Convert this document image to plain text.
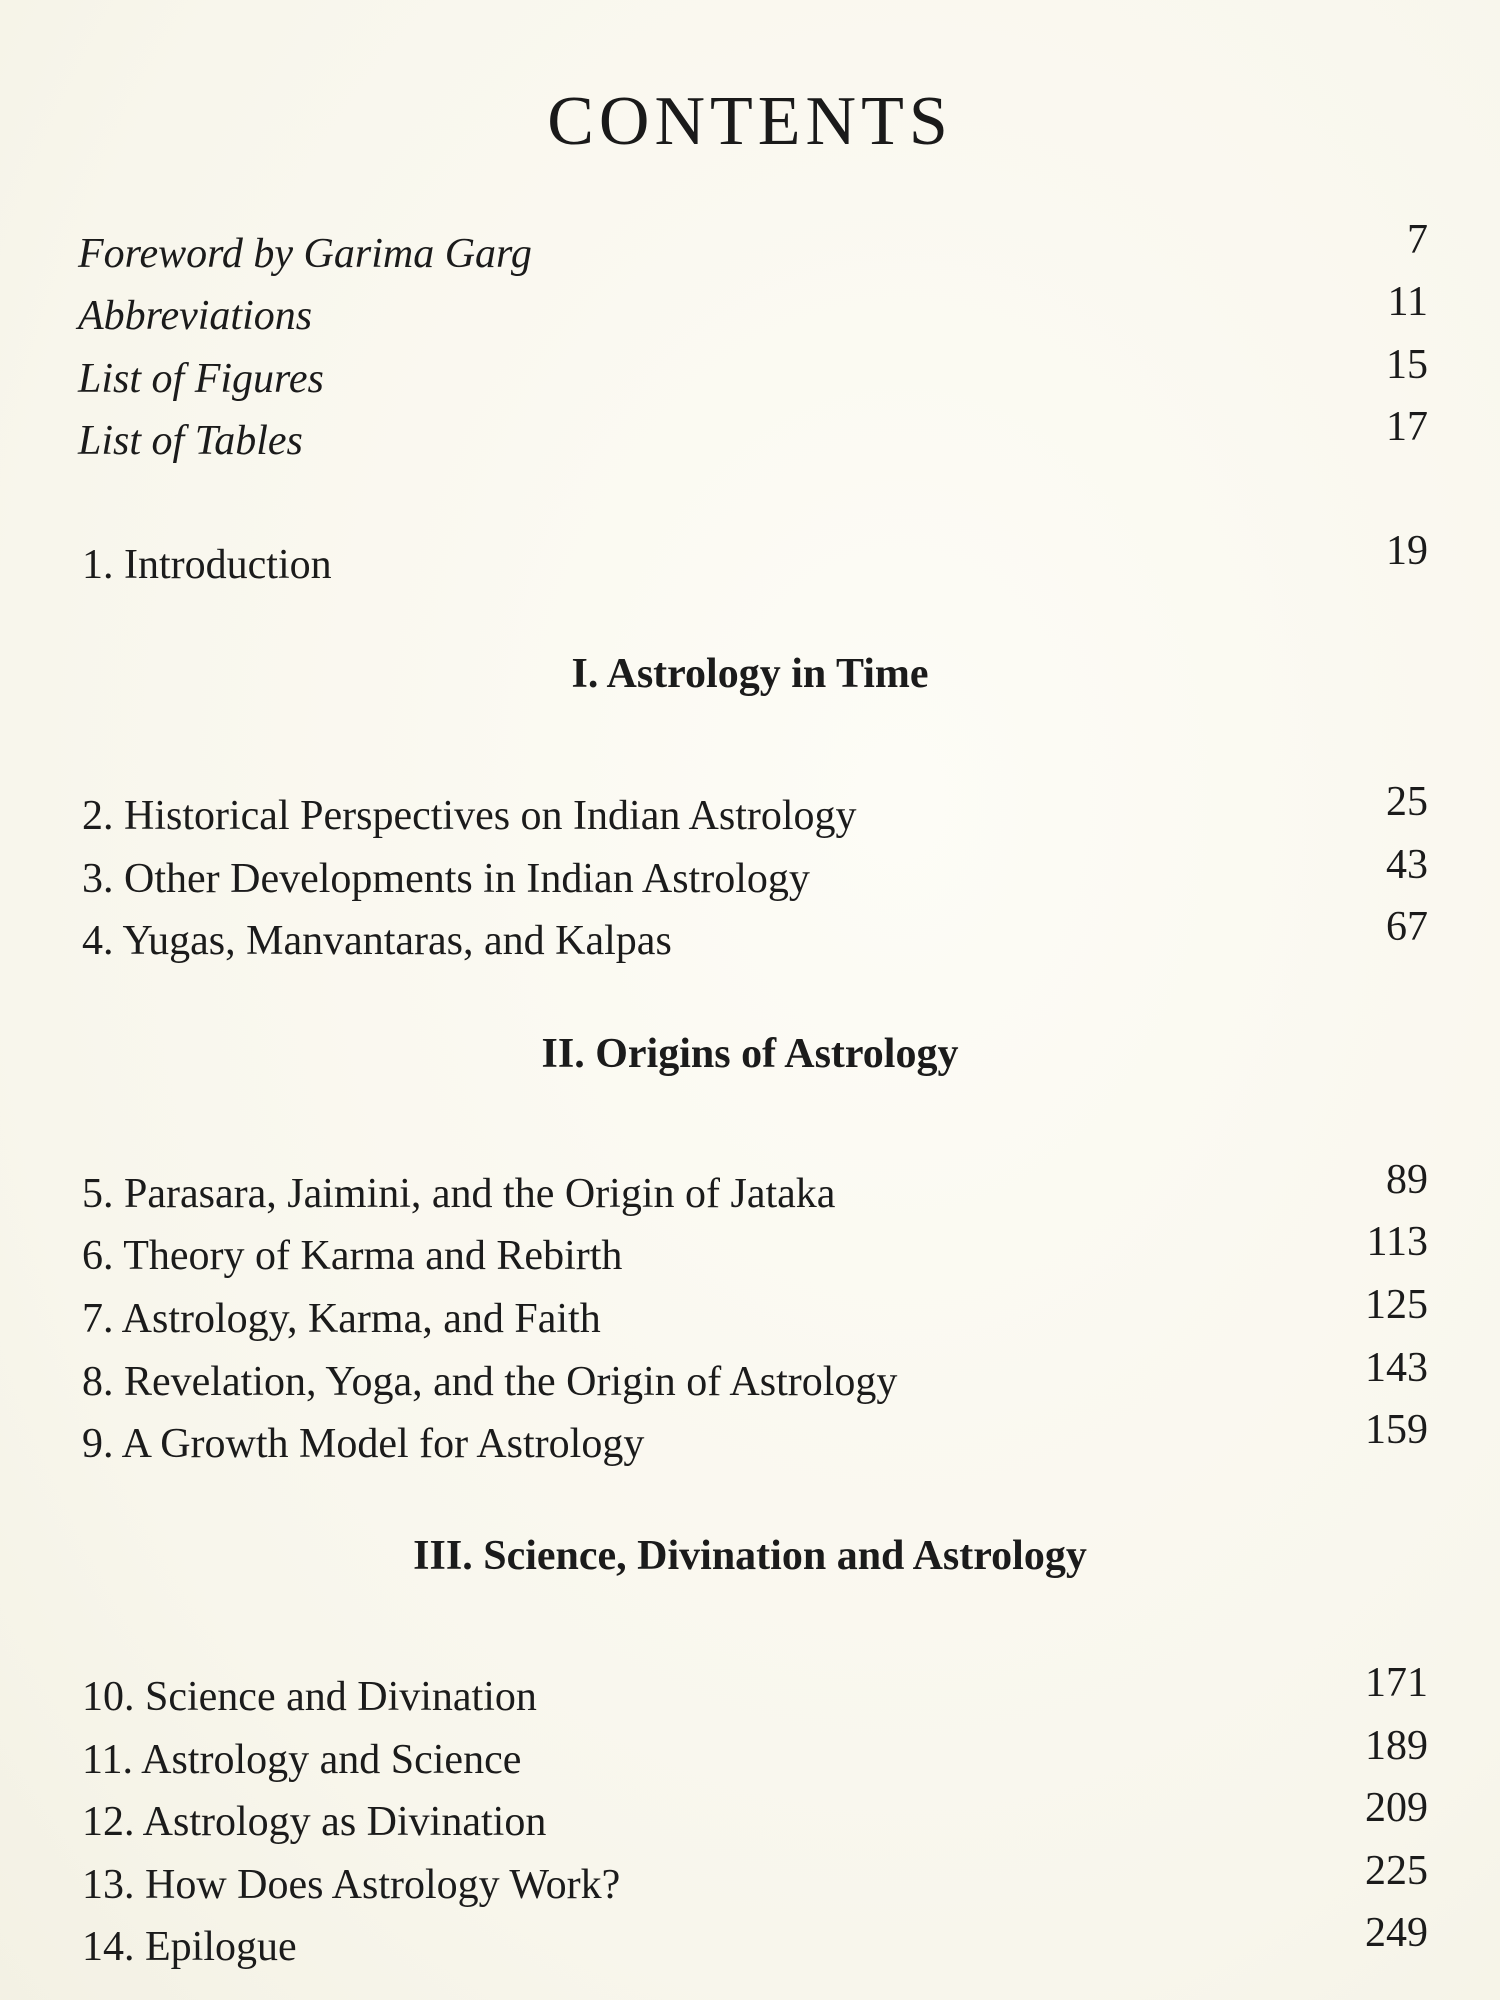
CONTENTS
Foreword by Garima Garg	7
Abbreviations	11
List of Figures	15
List of Tables	17
1. Introduction	19
I. Astrology in Time
2. Historical Perspectives on Indian Astrology	25
3. Other Developments in Indian Astrology	43
4. Yugas, Manvantaras, and Kalpas	67
II. Origins of Astrology
5. Parasara, Jaimini, and the Origin of Jataka	89
6. Theory of Karma and Rebirth	113
7. Astrology, Karma, and Faith	125
8. Revelation, Yoga, and the Origin of Astrology	143
9. A Growth Model for Astrology	159
III. Science, Divination and Astrology
10. Science and Divination	171
11. Astrology and Science	189
12. Astrology as Divination	209
13. How Does Astrology Work?	225
14. Epilogue	249
